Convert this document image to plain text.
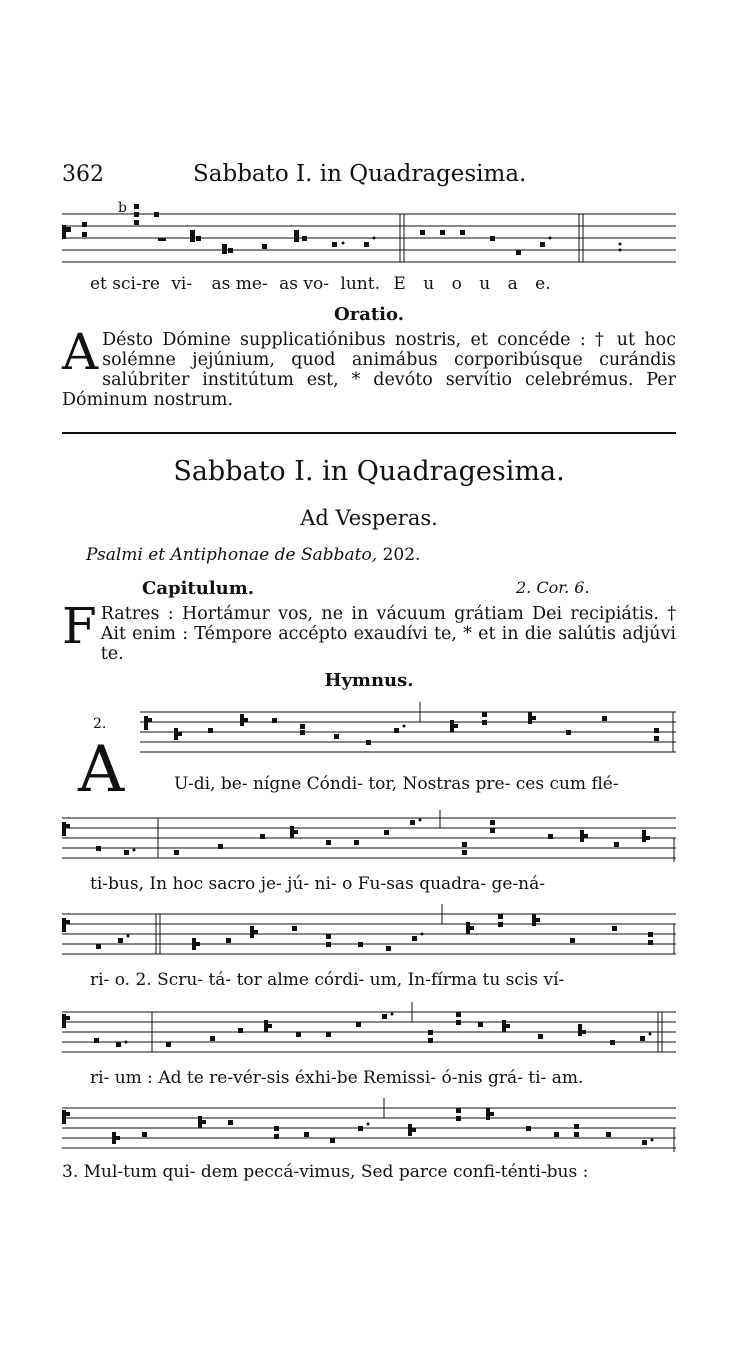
362	Sabbato I. in Quadragesima.
b
et sci-re vi- as me- as vo- lunt. E u o u a e.
Oratio.
A Désto Dómine supplicatiónibus nostris, et concéde : † ut hoc solémne jejúnium, quod animábus corporibúsque curándis salúbriter institútum est, * devóto servítio celebrémus. Per Dóminum nostrum.
Sabbato I. in Quadragesima.
Ad Vesperas.
Psalmi et Antiphonae de Sabbato, 202.
Capitulum.	2. Cor. 6.
F Ratres : Hortámur vos, ne in vácuum grátiam Dei recipiátis. † Ait enim : Témpore accépto exaudívi te, * et in die salútis adjúvi te.
Hymnus.
2.
A	U-di, be- nígne Cóndi- tor, Nostras pre- ces cum flé-
ti-bus, In hoc sacro je- jú- ni- o Fu-sas quadra- ge-ná-
ri- o. 2. Scru- tá- tor alme córdi- um, In-fírma tu scis ví-
ri- um : Ad te re-vér-sis éxhi-be Remissi- ó-nis grá- ti- am.
3. Mul-tum qui- dem peccá-vimus, Sed parce confi-ténti-bus :
